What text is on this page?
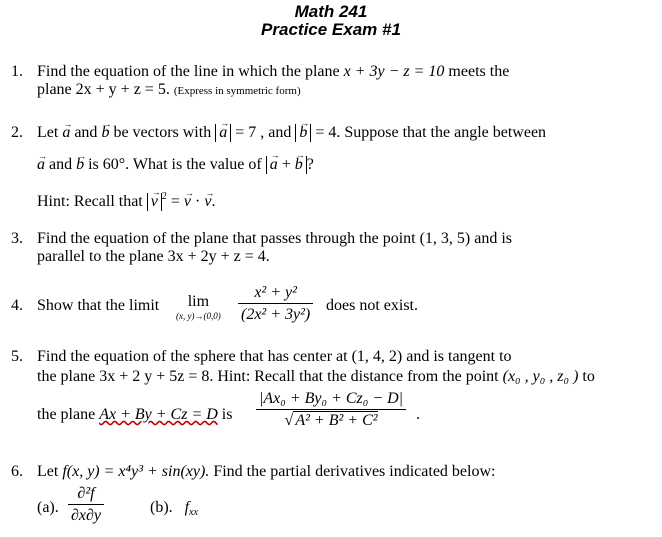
Math 241
Practice Exam #1
1. Find the equation of the line in which the plane x + 3y − z = 10 meets the
plane 2x + y + z = 5. (Express in symmetric form)
2. Let → a and → b be vectors with → a = 7 , and → b = 4. Suppose that the angle between
→ a and → b is 60°. What is the value of → a + → b ?
Hint: Recall that → v $^2$ = → v · → v.
3. Find the equation of the plane that passes through the point (1, 3, 5) and is
parallel to the plane 3x + 2y + z = 4.
4. Show that the limit	lim
(x, $y)\to(0,0) \frac{\text{x² + y²}}{\text{(2x² + 3y²)}}$ does not exist.
5. Find the equation of the sphere that has center at (1, 4, 2) and is tangent to
the plane 3x + 2 y + 5z = 8. Hint: Recall that the distance from the point (x₀ , y₀ , z₀ ) to
the plane Ax + By + Cz = D is $\frac{\text{|Ax₀ + By₀ + Cz₀ − D|}}{\text{√ A² + B² + C²}}$ .
6. Let f(x, y) = x⁴y³ + sin(xy). Find the partial derivatives indicated below:
(a). $\frac{\text{∂²f}}{\partial x\partial y}$	(b). $f_{xx}$
